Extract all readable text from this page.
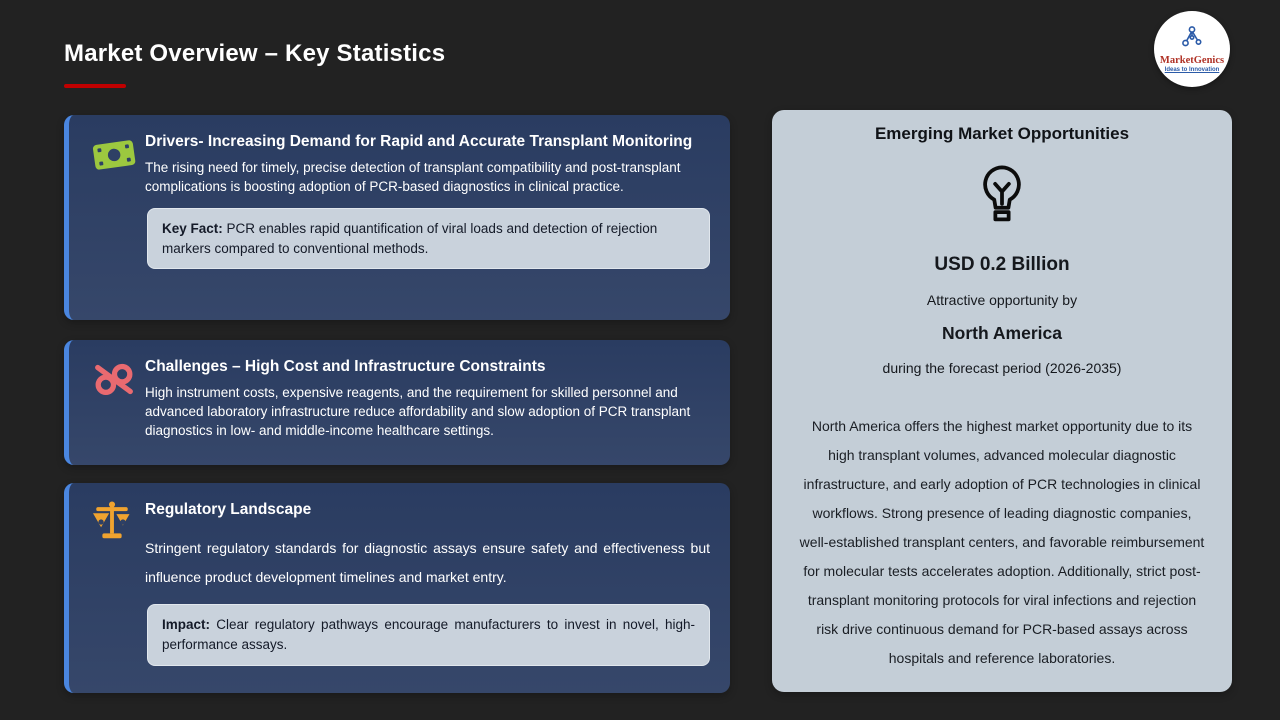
Market Overview – Key Statistics	MarketGenics
Ideas to Innovation
Drivers- Increasing Demand for Rapid and Accurate Transplant Monitoring
The rising need for timely, precise detection of transplant compatibility and post-transplant complications is boosting adoption of PCR-based diagnostics in clinical practice.
Key Fact: PCR enables rapid quantification of viral loads and detection of rejection markers compared to conventional methods.
Challenges – High Cost and Infrastructure Constraints
High instrument costs, expensive reagents, and the requirement for skilled personnel and advanced laboratory infrastructure reduce affordability and slow adoption of PCR transplant diagnostics in low- and middle-income healthcare settings.
Regulatory Landscape
Stringent regulatory standards for diagnostic assays ensure safety and effectiveness but influence product development timelines and market entry.
Impact: Clear regulatory pathways encourage manufacturers to invest in novel, high-performance assays.
Emerging Market Opportunities
USD 0.2 Billion
Attractive opportunity by
North America
during the forecast period (2026-2035)
North America offers the highest market opportunity due to its high transplant volumes, advanced molecular diagnostic infrastructure, and early adoption of PCR technologies in clinical workflows. Strong presence of leading diagnostic companies, well-established transplant centers, and favorable reimbursement for molecular tests accelerates adoption. Additionally, strict post-transplant monitoring protocols for viral infections and rejection risk drive continuous demand for PCR-based assays across hospitals and reference laboratories.
